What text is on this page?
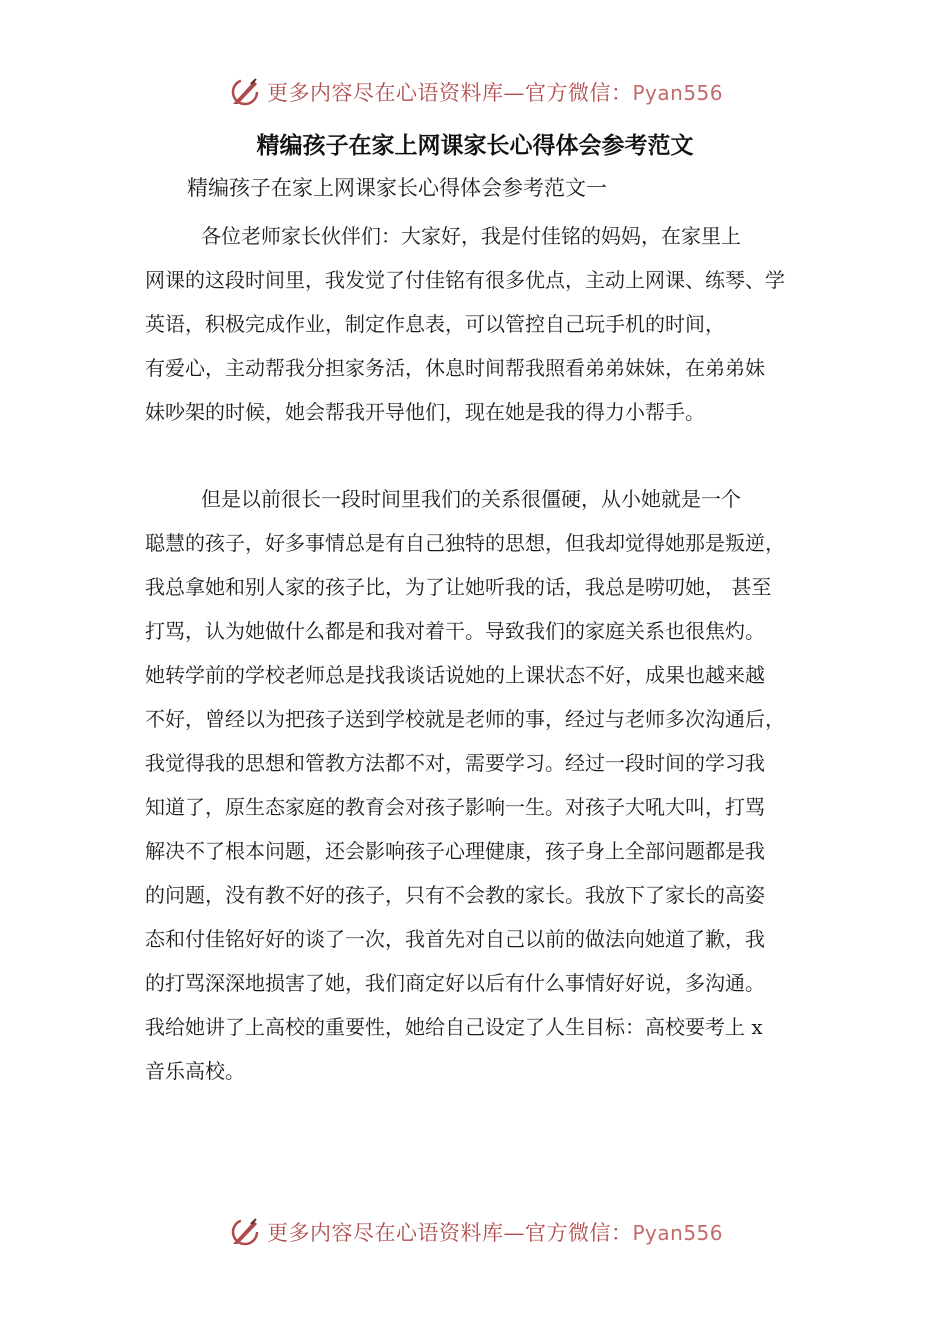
更多内容尽在心语资料库—官方微信：Pyan556
精编孩子在家上网课家长心得体会参考范文
精编孩子在家上网课家长心得体会参考范文一
各位老师家长伙伴们：大家好，我是付佳铭的妈妈，在家里上
网课的这段时间里，我发觉了付佳铭有很多优点，主动上网课、练琴、学
英语，积极完成作业，制定作息表，可以管控自己玩手机的时间，
有爱心，主动帮我分担家务活，休息时间帮我照看弟弟妹妹，在弟弟妹
妹吵架的时候，她会帮我开导他们，现在她是我的得力小帮手。
但是以前很长一段时间里我们的关系很僵硬，从小她就是一个
聪慧的孩子，好多事情总是有自己独特的思想，但我却觉得她那是叛逆，
我总拿她和别人家的孩子比，为了让她听我的话，我总是唠叨她， 甚至
打骂，认为她做什么都是和我对着干。导致我们的家庭关系也很焦灼。
她转学前的学校老师总是找我谈话说她的上课状态不好，成果也越来越
不好，曾经以为把孩子送到学校就是老师的事，经过与老师多次沟通后，
我觉得我的思想和管教方法都不对，需要学习。经过一段时间的学习我
知道了，原生态家庭的教育会对孩子影响一生。对孩子大吼大叫，打骂
解决不了根本问题，还会影响孩子心理健康，孩子身上全部问题都是我
的问题，没有教不好的孩子，只有不会教的家长。我放下了家长的高姿
态和付佳铭好好的谈了一次，我首先对自己以前的做法向她道了歉，我
的打骂深深地损害了她，我们商定好以后有什么事情好好说，多沟通。
我给她讲了上高校的重要性，她给自己设定了人生目标：高校要考上 x
音乐高校。
更多内容尽在心语资料库—官方微信：Pyan556
